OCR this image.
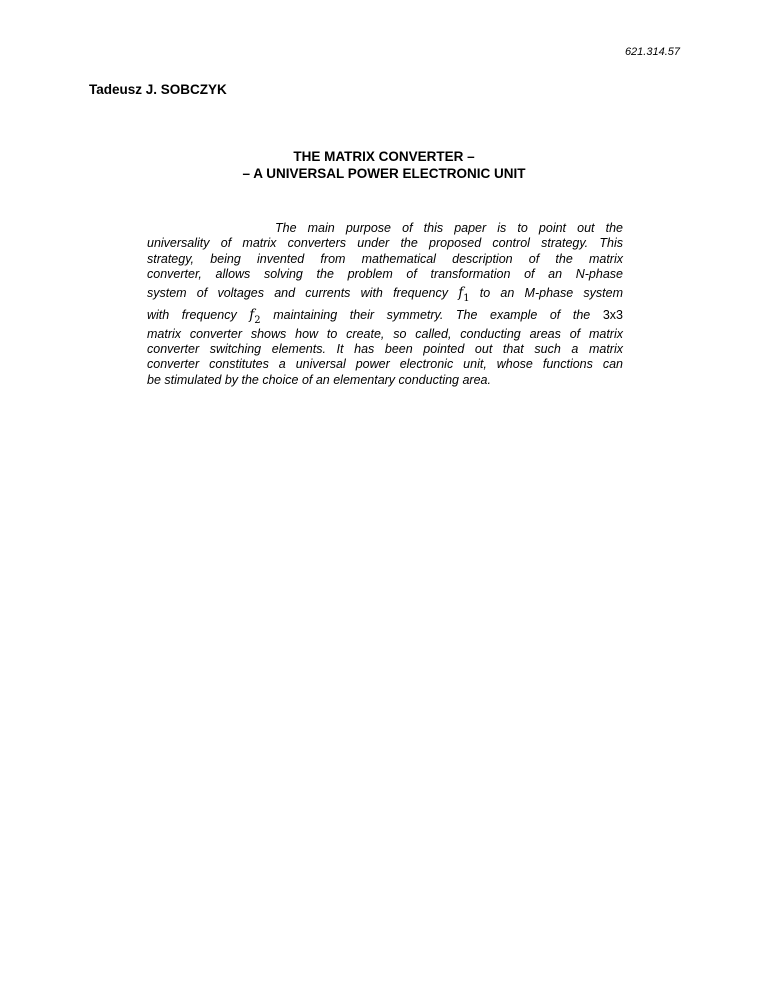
621.314.57
Tadeusz J. SOBCZYK
THE MATRIX CONVERTER –
– A UNIVERSAL POWER ELECTRONIC UNIT
The main purpose of this paper is to point out the
universality of matrix converters under the proposed control strategy. This
strategy, being invented from mathematical description of the matrix
converter, allows solving the problem of transformation of an N-phase
system of voltages and currents with frequency $f_1$ to an M-phase system
with frequency $f_2$ maintaining their symmetry. The example of the 3x3
matrix converter shows how to create, so called, conducting areas of matrix
converter switching elements. It has been pointed out that such a matrix
converter constitutes a universal power electronic unit, whose functions can
be stimulated by the choice of an elementary conducting area.
